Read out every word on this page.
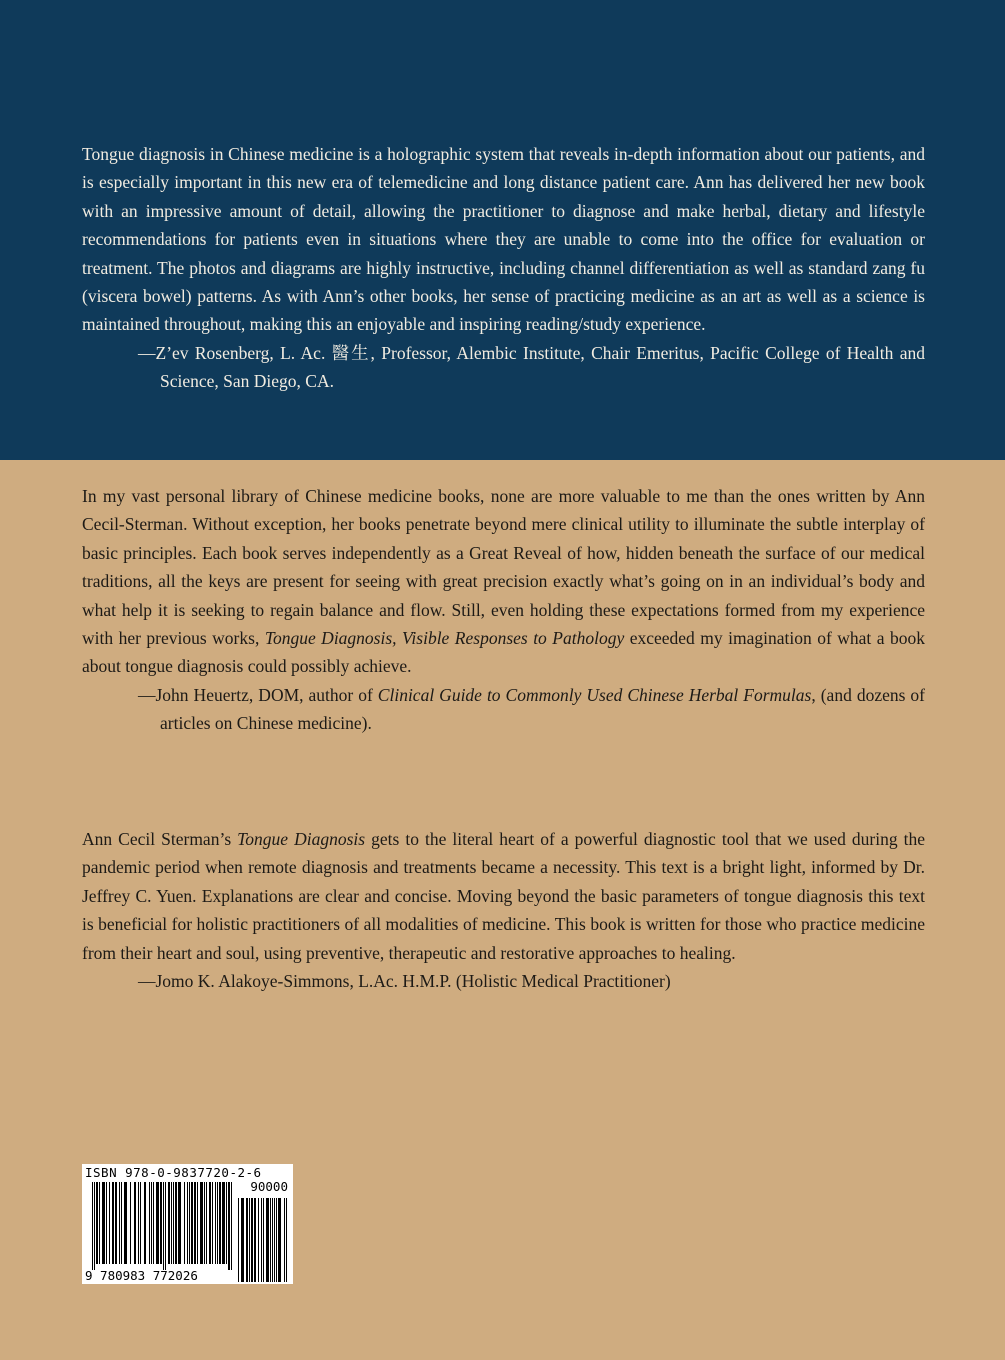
Tongue diagnosis in Chinese medicine is a holographic system that reveals in-depth information about our patients, and is especially important in this new era of telemedicine and long distance patient care. Ann has delivered her new book with an impressive amount of detail, allowing the practitioner to diagnose and make herbal, dietary and lifestyle recommendations for patients even in situations where they are unable to come into the office for evaluation or treatment. The photos and diagrams are highly instructive, including channel differentiation as well as standard zang fu (viscera bowel) patterns. As with Ann’s other books, her sense of practicing medicine as an art as well as a science is maintained throughout, making this an enjoyable and inspiring reading/study experience.

—Z’ev Rosenberg, L. Ac. 醫生, Professor, Alembic Institute, Chair Emeritus, Pacific College of Health and Science, San Diego, CA.

In my vast personal library of Chinese medicine books, none are more valuable to me than the ones written by Ann Cecil-Sterman. Without exception, her books penetrate beyond mere clinical utility to illuminate the subtle interplay of basic principles. Each book serves independently as a Great Reveal of how, hidden beneath the surface of our medical traditions, all the keys are present for seeing with great precision exactly what’s going on in an individual’s body and what help it is seeking to regain balance and flow. Still, even holding these expectations formed from my experience with her previous works, Tongue Diagnosis, Visible Responses to Pathology exceeded my imagination of what a book about tongue diagnosis could possibly achieve.

—John Heuertz, DOM, author of Clinical Guide to Commonly Used Chinese Herbal Formulas, (and dozens of articles on Chinese medicine).

Ann Cecil Sterman’s Tongue Diagnosis gets to the literal heart of a powerful diagnostic tool that we used during the pandemic period when remote diagnosis and treatments became a necessity. This text is a bright light, informed by Dr. Jeffrey C. Yuen. Explanations are clear and concise. Moving beyond the basic parameters of tongue diagnosis this text is beneficial for holistic practitioners of all modalities of medicine. This book is written for those who practice medicine from their heart and soul, using preventive, therapeutic and restorative approaches to healing.

—Jomo K. Alakoye-Simmons, L.Ac. H.M.P. (Holistic Medical Practitioner)

ISBN 978-0-9837720-2-6
90000
9 780983 772026
